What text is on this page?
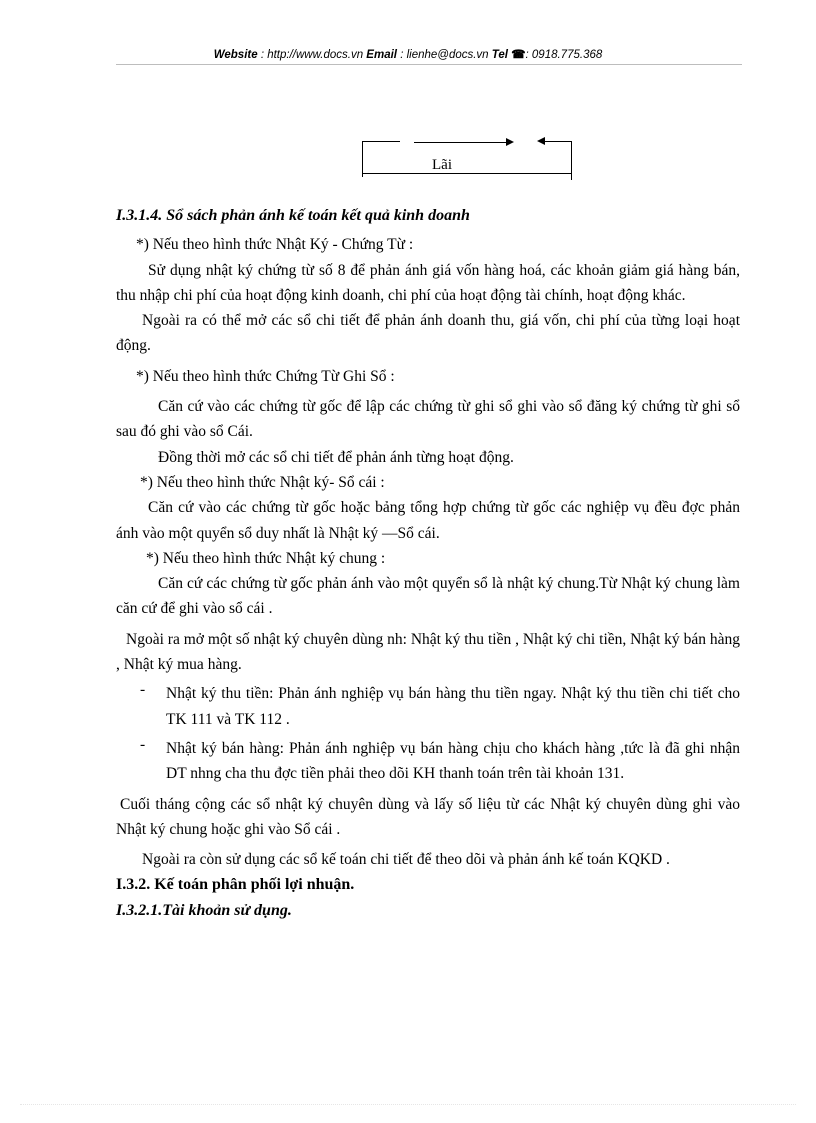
Website : http://www.docs.vn Email : lienhe@docs.vn Tel ☎: 0918.775.368
Lãi

I.3.1.4. Sổ sách phản ánh kế toán kết quả kinh doanh

*) Nếu theo hình thức Nhật Ký - Chứng Từ :

Sử dụng nhật ký chứng từ số 8 để phản ánh giá vốn hàng hoá, các khoản giảm giá hàng bán, thu nhập chi phí của hoạt động kinh doanh, chi phí của hoạt động tài chính, hoạt động khác.

Ngoài ra có thể mở các sổ chi tiết để phản ánh doanh thu, giá vốn, chi phí của từng loại hoạt động.

*) Nếu theo hình thức Chứng Từ Ghi Sổ :

Căn cứ vào các chứng từ gốc để lập các chứng từ ghi sổ ghi vào sổ đăng ký chứng từ ghi sổ sau đó ghi vào sổ Cái.

Đồng thời mở các sổ chi tiết để phản ánh từng hoạt động.

*) Nếu theo hình thức Nhật ký- Sổ cái :

Căn cứ vào các chứng từ gốc hoặc bảng tổng hợp chứng từ gốc các nghiệp vụ đều đợc phản ánh vào một quyển sổ duy nhất là Nhật ký —Sổ cái.

*) Nếu theo hình thức Nhật ký chung :

Căn cứ các chứng từ gốc phản ánh vào một quyển sổ là nhật ký chung.Từ Nhật ký chung làm căn cứ để ghi vào sổ cái .

Ngoài ra mở một số nhật ký chuyên dùng nh: Nhật ký thu tiền , Nhật ký chi tiền, Nhật ký bán hàng , Nhật ký mua hàng.

- Nhật ký thu tiền: Phản ánh nghiệp vụ bán hàng thu tiền ngay. Nhật ký thu tiền chi tiết cho TK 111 và TK 112 .

- Nhật ký bán hàng: Phản ánh nghiệp vụ bán hàng chịu cho khách hàng ,tức là đã ghi nhận DT nhng cha thu đợc tiền phải theo dõi KH thanh toán trên tài khoản 131.

Cuối tháng cộng các sổ nhật ký chuyên dùng và lấy số liệu từ các Nhật ký chuyên dùng ghi vào Nhật ký chung hoặc ghi vào Sổ cái .

Ngoài ra còn sử dụng các sổ kế toán chi tiết để theo dõi và phản ánh kế toán KQKD .

I.3.2. Kế toán phân phối lợi nhuận.

I.3.2.1.Tài khoản sử dụng.
